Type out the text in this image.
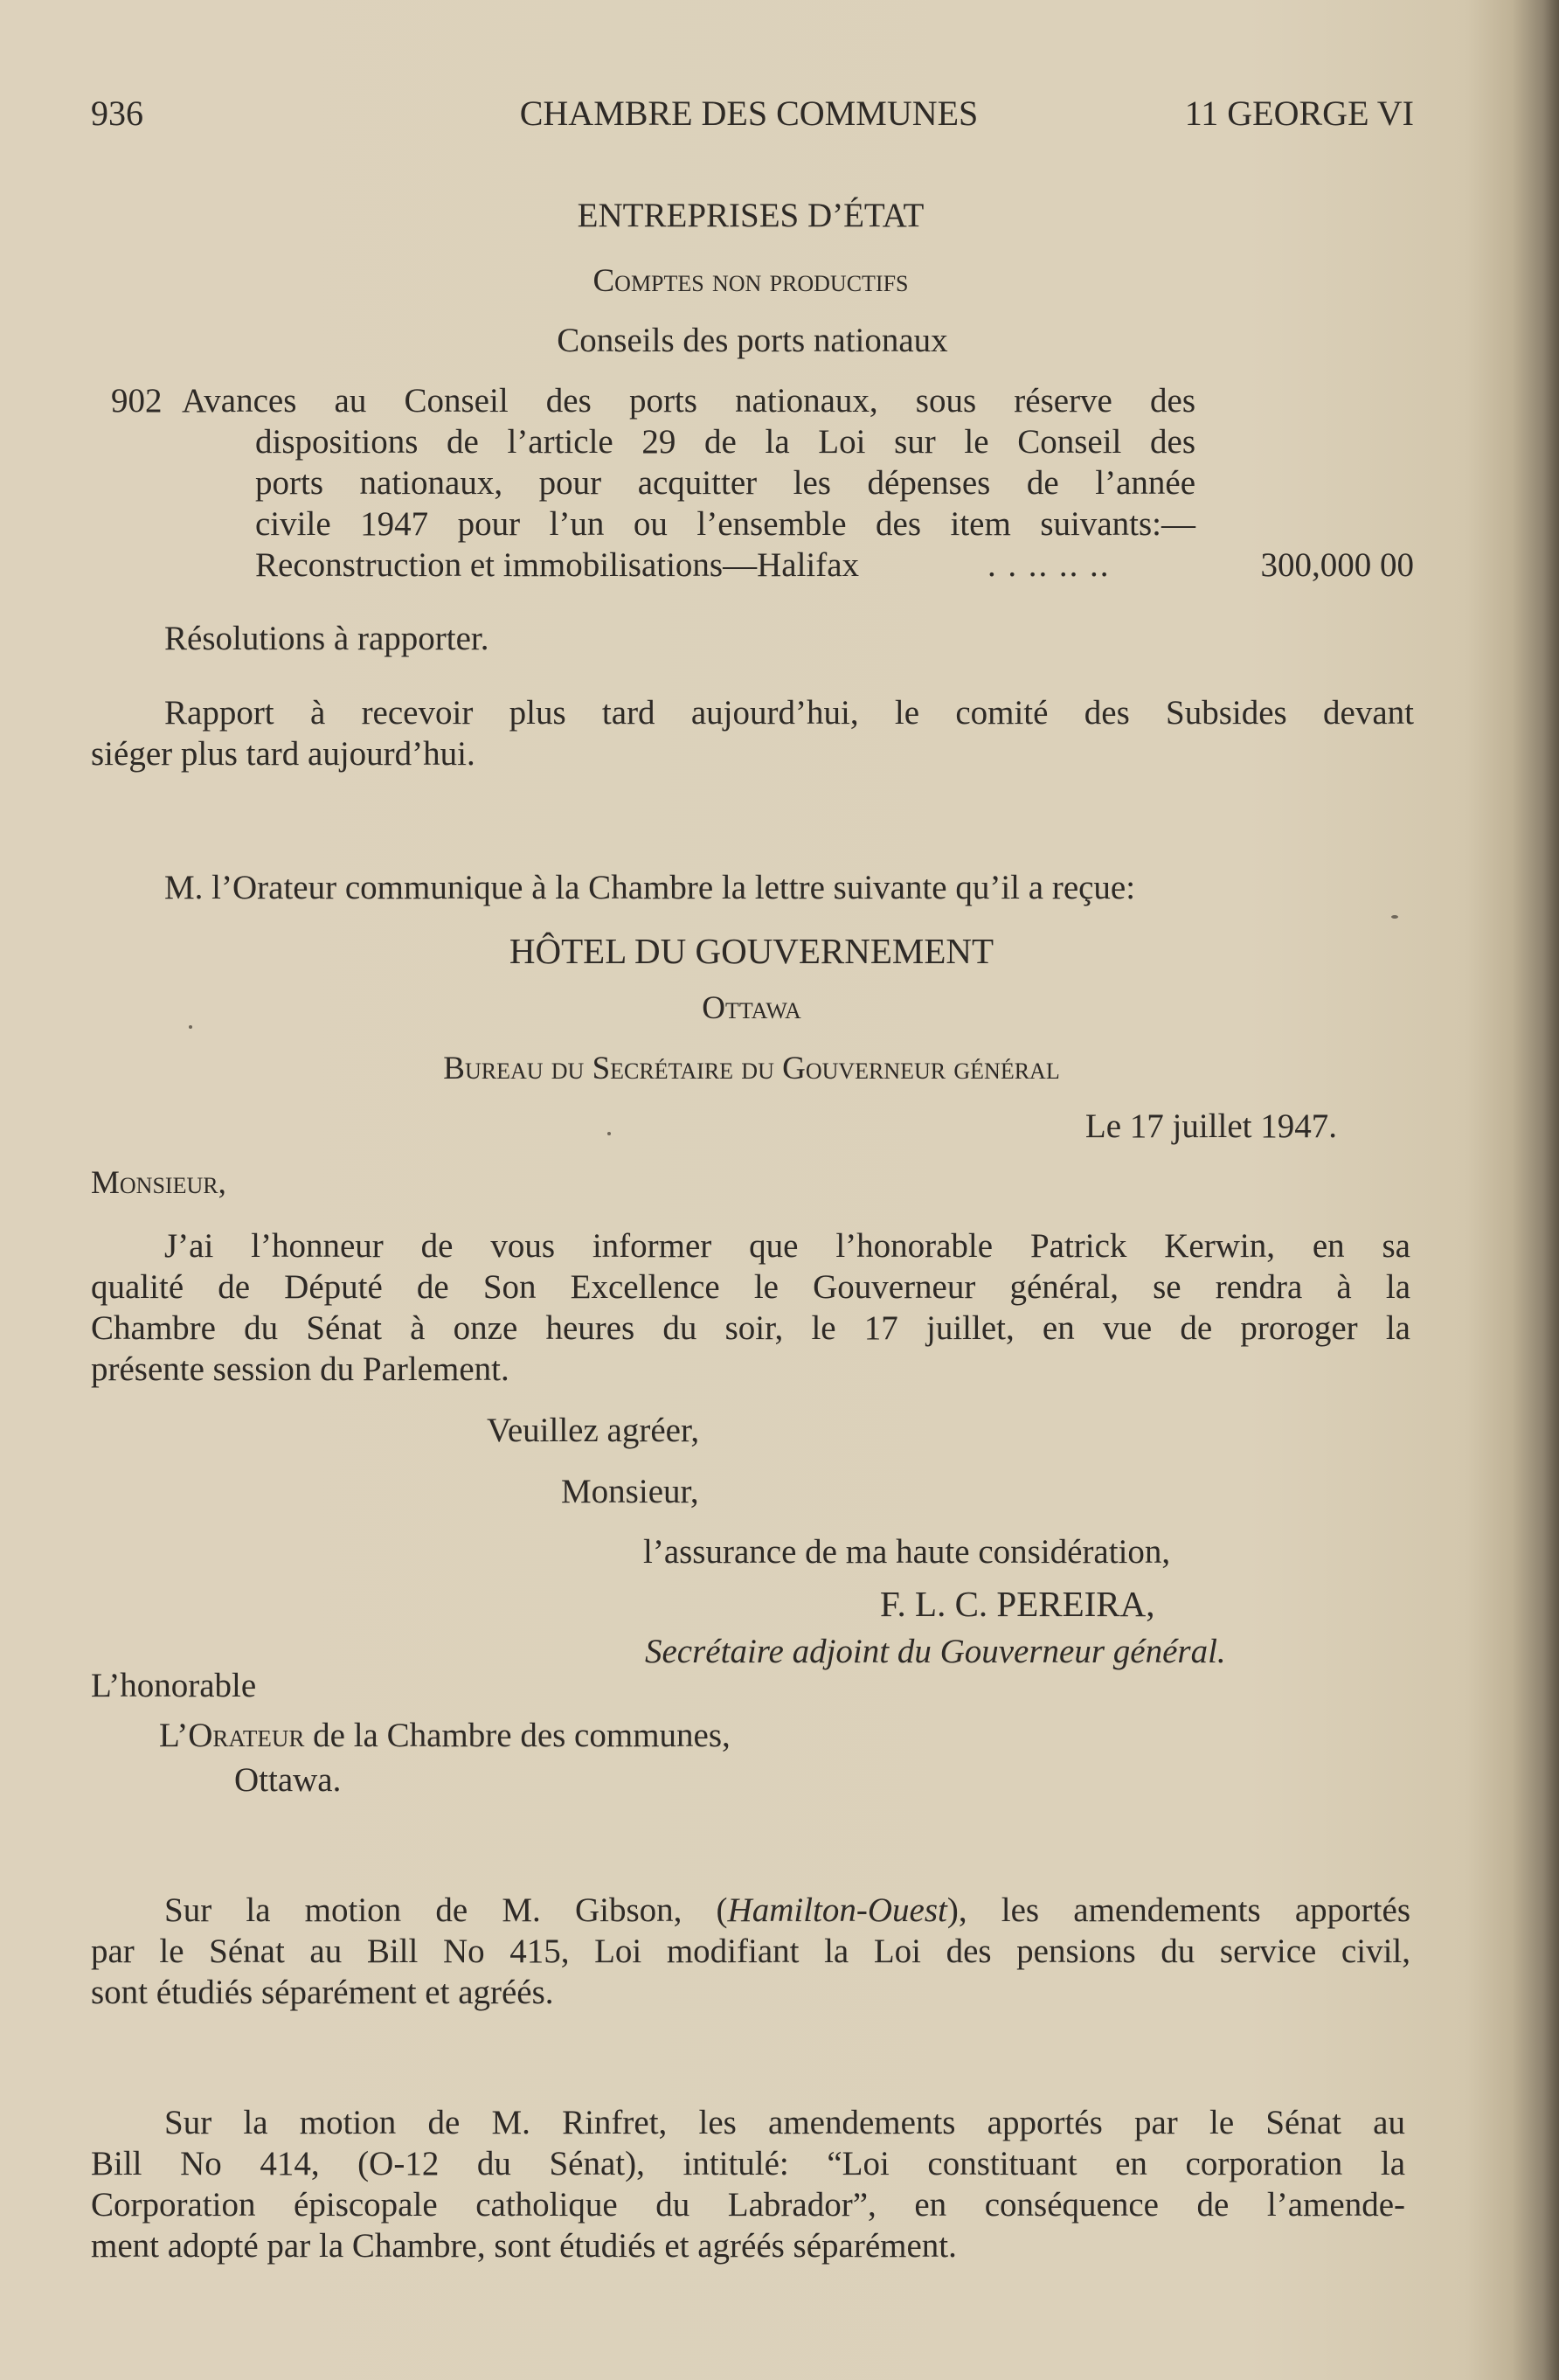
936	CHAMBRE DES COMMUNES	11 GEORGE VI
ENTREPRISES D’ÉTAT
Comptes non productifs
Conseils des ports nationaux
902 Avances au Conseil des ports nationaux, sous réserve des
dispositions de l’article 29 de la Loi sur le Conseil des
ports nationaux, pour acquitter les dépenses de l’année
civile 1947 pour l’un ou l’ensemble des item suivants:—
Reconstruction et immobilisations—Halifax	. . .. .. ..	300,000 00
Résolutions à rapporter.
Rapport à recevoir plus tard aujourd’hui, le comité des Subsides devant
siéger plus tard aujourd’hui.
M. l’Orateur communique à la Chambre la lettre suivante qu’il a reçue:
HÔTEL DU GOUVERNEMENT
Ottawa
Bureau du Secrétaire du Gouverneur général
Le 17 juillet 1947.
Monsieur,
J’ai l’honneur de vous informer que l’honorable Patrick Kerwin, en sa
qualité de Député de Son Excellence le Gouverneur général, se rendra à la
Chambre du Sénat à onze heures du soir, le 17 juillet, en vue de proroger la
présente session du Parlement.
Veuillez agréer,
Monsieur,
l’assurance de ma haute considération,
F. L. C. PEREIRA,
Secrétaire adjoint du Gouverneur général.
L’honorable
L’Orateur de la Chambre des communes,
Ottawa.
Sur la motion de M. Gibson, (Hamilton-Ouest), les amendements apportés
par le Sénat au Bill No 415, Loi modifiant la Loi des pensions du service civil,
sont étudiés séparément et agréés.
Sur la motion de M. Rinfret, les amendements apportés par le Sénat au
Bill No 414, (O-12 du Sénat), intitulé: “Loi constituant en corporation la
Corporation épiscopale catholique du Labrador”, en conséquence de l’amende-
ment adopté par la Chambre, sont étudiés et agréés séparément.
